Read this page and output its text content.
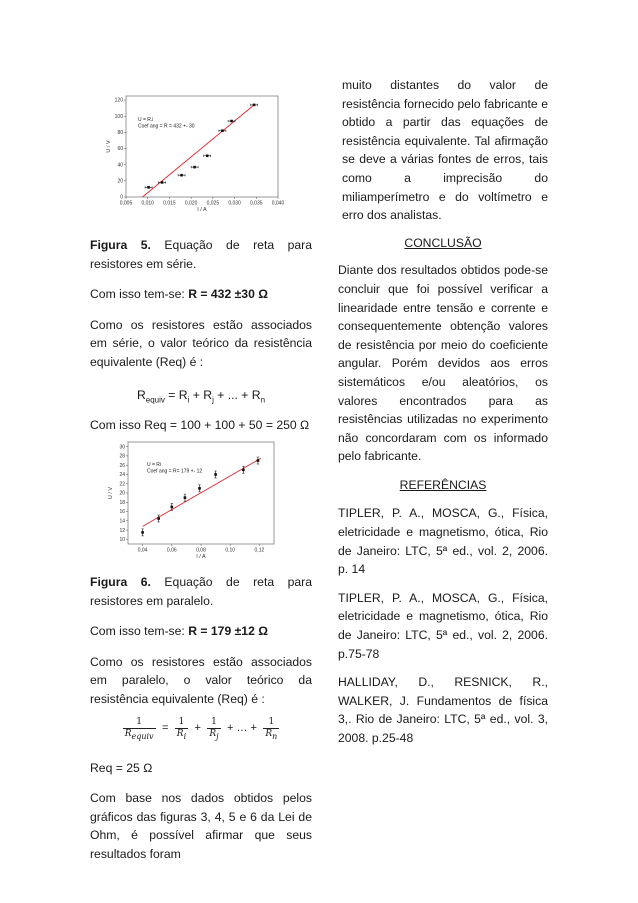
0
20
40
60
80
100
120
0,005 0,010 0,015 0,020 0,025 0,030 0,035 0,040
I / A
U / V
U = R.i
Coef ang = R = 432 +- 30

Figura 5. Equação de reta para resistores em série.

Com isso tem-se: R = 432 ±30 Ω

Como os resistores estão associados em série, o valor teórico da resistência equivalente (Req) é :

$R_{equiv} = R_i + R_j$ + ... + $R_n$

Com isso Req = 100 + 100 + 50 = 250 Ω

10
12
14
16
18
20
22
24
26
28
30
0,04	0,06	0,08	0,10	0,12
I / A
U / V
U = Ri
Coef ang = R= 179 +- 12

Figura 6. Equação de reta para resistores em paralelo.

Com isso tem-se: R = 179 ±12 Ω

Como os resistores estão associados em paralelo, o valor teórico da resistência equivalente (Req) é :

$\frac{1}{R_{equiv}} = \frac{1}{R_i} + \frac{1}{R_j}$ + … + $\frac{1}{R_n}$

Req = 25 Ω

Com base nos dados obtidos pelos gráficos das figuras 3, 4, 5 e 6 da Lei de Ohm, é possível afirmar que seus resultados foram

muito distantes do valor de resistência fornecido pelo fabricante e obtido a partir das equações de resistência equivalente. Tal afirmação se deve a várias fontes de erros, tais como a imprecisão do miliamperímetro e do voltímetro e erro dos analistas.

CONCLUSÃO

Diante dos resultados obtidos pode-se concluir que foi possível verificar a linearidade entre tensão e corrente e consequentemente obtenção valores de resistência por meio do coeficiente angular. Porém devidos aos erros sistemáticos e/ou aleatórios, os valores encontrados para as resistências utilizadas no experimento não concordaram com os informado pelo fabricante.

REFERÊNCIAS

TIPLER, P. A., MOSCA, G., Física, eletricidade e magnetismo, ótica, Rio de Janeiro: LTC, 5ª ed., vol. 2, 2006. p. 14

TIPLER, P. A., MOSCA, G., Física, eletricidade e magnetismo, ótica, Rio de Janeiro: LTC, 5ª ed., vol. 2, 2006. p.75-78

HALLIDAY, D., RESNICK, R., WALKER, J. Fundamentos de física 3,. Rio de Janeiro: LTC, 5ª ed., vol. 3, 2008. p.25-48
